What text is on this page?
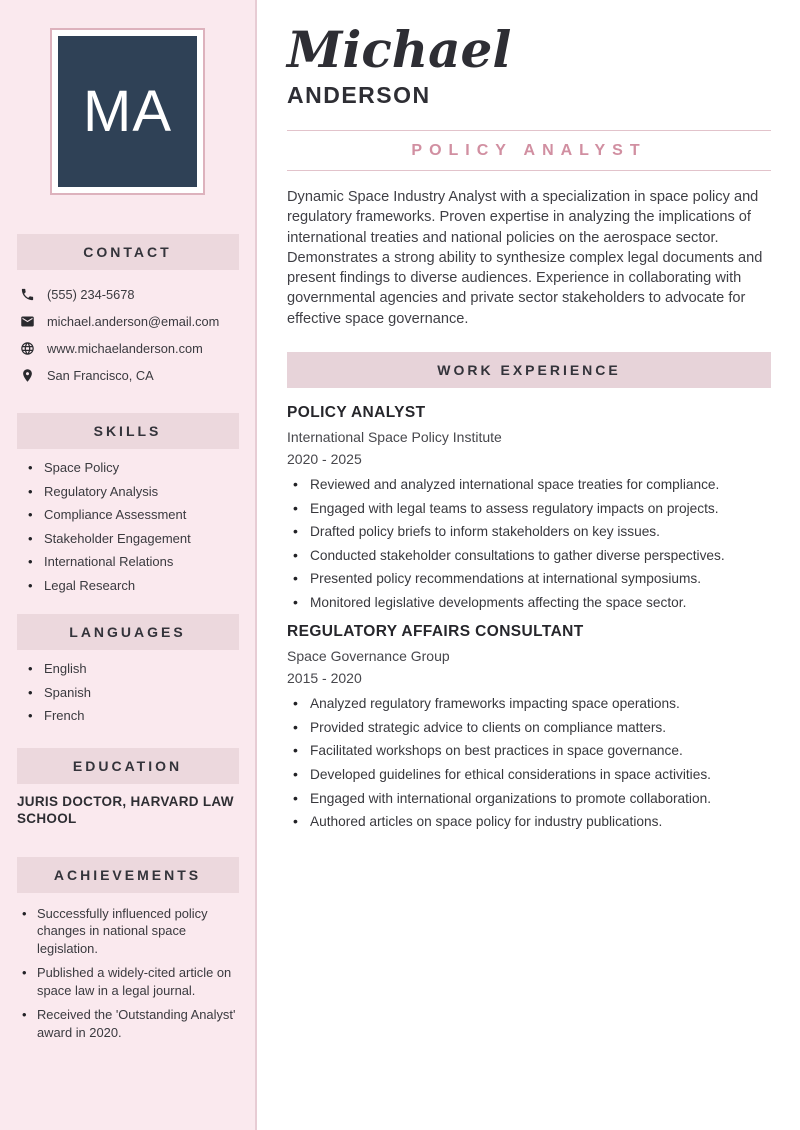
MA
CONTACT
(555) 234-5678
michael.anderson@email.com
www.michaelanderson.com
San Francisco, CA
SKILLS
• Space Policy
• Regulatory Analysis
• Compliance Assessment
• Stakeholder Engagement
• International Relations
• Legal Research
LANGUAGES
• English
• Spanish
• French
EDUCATION
JURIS DOCTOR, HARVARD LAW SCHOOL
ACHIEVEMENTS
• Successfully influenced policy changes in national space legislation.
• Published a widely-cited article on space law in a legal journal.
• Received the 'Outstanding Analyst' award in 2020.
Michael
ANDERSON
POLICY ANALYST

Dynamic Space Industry Analyst with a specialization in space policy and regulatory frameworks. Proven expertise in analyzing the implications of international treaties and national policies on the aerospace sector. Demonstrates a strong ability to synthesize complex legal documents and present findings to diverse audiences. Experience in collaborating with governmental agencies and private sector stakeholders to advocate for effective space governance.

WORK EXPERIENCE
POLICY ANALYST
International Space Policy Institute
2020 - 2025
• Reviewed and analyzed international space treaties for compliance.
• Engaged with legal teams to assess regulatory impacts on projects.
• Drafted policy briefs to inform stakeholders on key issues.
• Conducted stakeholder consultations to gather diverse perspectives.
• Presented policy recommendations at international symposiums.
• Monitored legislative developments affecting the space sector.
REGULATORY AFFAIRS CONSULTANT
Space Governance Group
2015 - 2020
• Analyzed regulatory frameworks impacting space operations.
• Provided strategic advice to clients on compliance matters.
• Facilitated workshops on best practices in space governance.
• Developed guidelines for ethical considerations in space activities.
• Engaged with international organizations to promote collaboration.
• Authored articles on space policy for industry publications.
